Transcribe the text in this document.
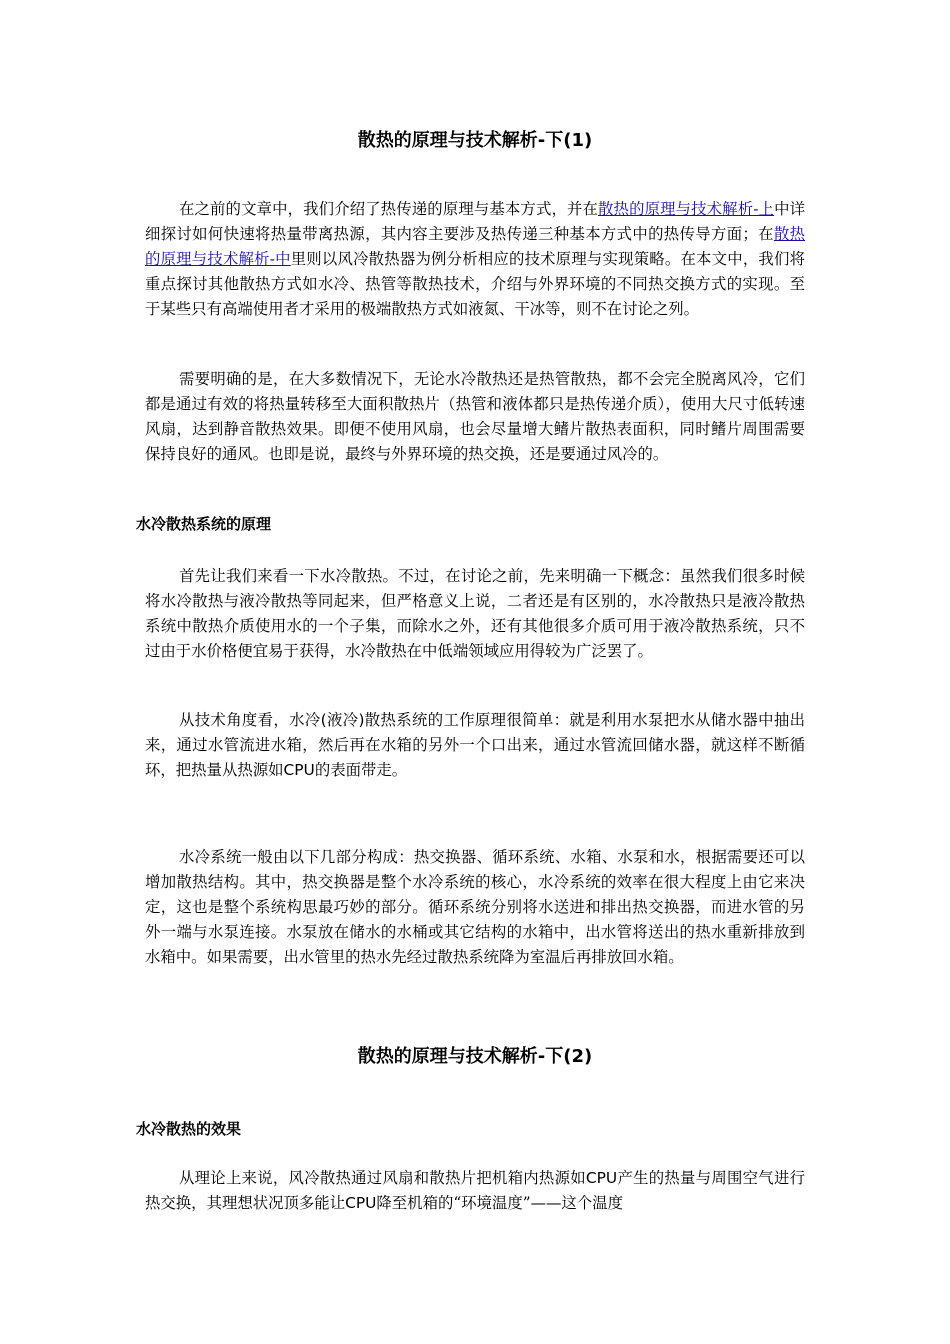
散热的原理与技术解析-下(1)

在之前的文章中，我们介绍了热传递的原理与基本方式，并在散热的原理与技术解析-上中详细探讨如何快速将热量带离热源，其内容主要涉及热传递三种基本方式中的热传导方面；在散热的原理与技术解析-中里则以风冷散热器为例分析相应的技术原理与实现策略。在本文中，我们将重点探讨其他散热方式如水冷、热管等散热技术，介绍与外界环境的不同热交换方式的实现。至于某些只有高端使用者才采用的极端散热方式如液氮、干冰等，则不在讨论之列。

需要明确的是，在大多数情况下，无论水冷散热还是热管散热，都不会完全脱离风冷，它们都是通过有效的将热量转移至大面积散热片（热管和液体都只是热传递介质），使用大尺寸低转速风扇，达到静音散热效果。即便不使用风扇，也会尽量增大鳍片散热表面积，同时鳍片周围需要保持良好的通风。也即是说，最终与外界环境的热交换，还是要通过风冷的。

水冷散热系统的原理

首先让我们来看一下水冷散热。不过，在讨论之前，先来明确一下概念：虽然我们很多时候将水冷散热与液冷散热等同起来，但严格意义上说，二者还是有区别的，水冷散热只是液冷散热系统中散热介质使用水的一个子集，而除水之外，还有其他很多介质可用于液冷散热系统，只不过由于水价格便宜易于获得，水冷散热在中低端领域应用得较为广泛罢了。

从技术角度看，水冷(液冷)散热系统的工作原理很简单：就是利用水泵把水从储水器中抽出来，通过水管流进水箱，然后再在水箱的另外一个口出来，通过水管流回储水器，就这样不断循环，把热量从热源如CPU的表面带走。

水冷系统一般由以下几部分构成：热交换器、循环系统、水箱、水泵和水，根据需要还可以增加散热结构。其中，热交换器是整个水冷系统的核心，水冷系统的效率在很大程度上由它来决定，这也是整个系统构思最巧妙的部分。循环系统分别将水送进和排出热交换器，而进水管的另外一端与水泵连接。水泵放在储水的水桶或其它结构的水箱中，出水管将送出的热水重新排放到水箱中。如果需要，出水管里的热水先经过散热系统降为室温后再排放回水箱。

散热的原理与技术解析-下(2)
水冷散热的效果

从理论上来说，风冷散热通过风扇和散热片把机箱内热源如CPU产生的热量与周围空气进行热交换，其理想状况顶多能让CPU降至机箱的“环境温度”——这个温度
